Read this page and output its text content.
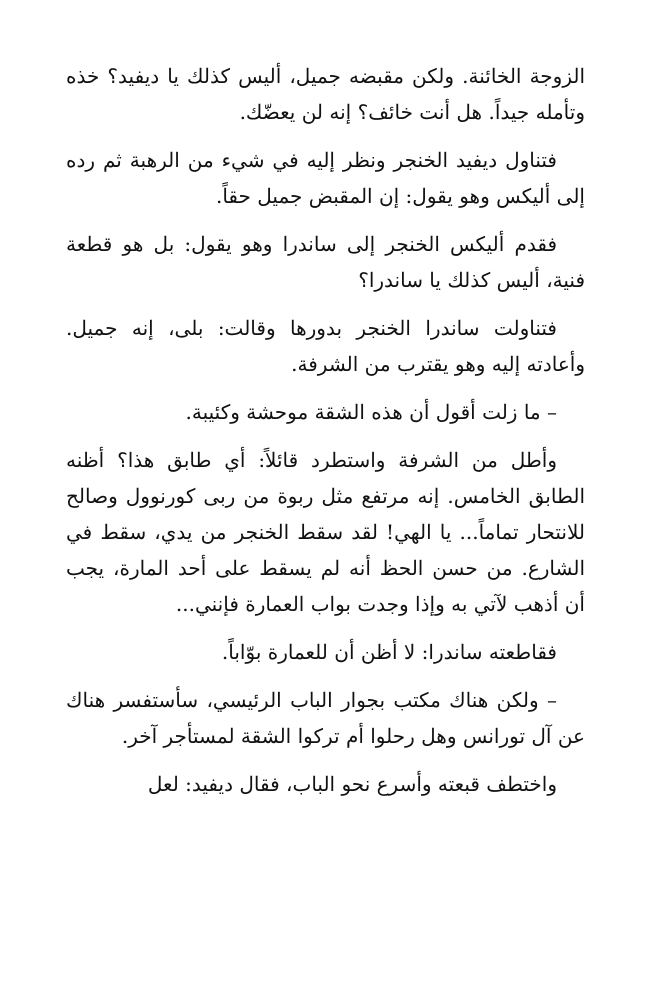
الزوجة الخائنة. ولكن مقبضه جميل، أليس كذلك يا ديفيد؟ خذه وتأمله جيداً. هل أنت خائف؟ إنه لن يعضّك.

فتناول ديفيد الخنجر ونظر إليه في شيء من الرهبة ثم رده إلى أليكس وهو يقول: إن المقبض جميل حقاً.

فقدم أليكس الخنجر إلى ساندرا وهو يقول: بل هو قطعة فنية، أليس كذلك يا ساندرا؟

فتناولت ساندرا الخنجر بدورها وقالت: بلى، إنه جميل. وأعادته إليه وهو يقترب من الشرفة.

– ما زلت أقول أن هذه الشقة موحشة وكئيبة.

وأطل من الشرفة واستطرد قائلاً: أي طابق هذا؟ أظنه الطابق الخامس. إنه مرتفع مثل ربوة من ربى كورنوول وصالح للانتحار تماماً... يا الهي! لقد سقط الخنجر من يدي، سقط في الشارع. من حسن الحظ أنه لم يسقط على أحد المارة، يجب أن أذهب لآتي به وإذا وجدت بواب العمارة فإنني...

فقاطعته ساندرا: لا أظن أن للعمارة بوّاباً.

– ولكن هناك مكتب بجوار الباب الرئيسي، سأستفسر هناك عن آل تورانس وهل رحلوا أم تركوا الشقة لمستأجر آخر.

واختطف قبعته وأسرع نحو الباب، فقال ديفيد: لعل
